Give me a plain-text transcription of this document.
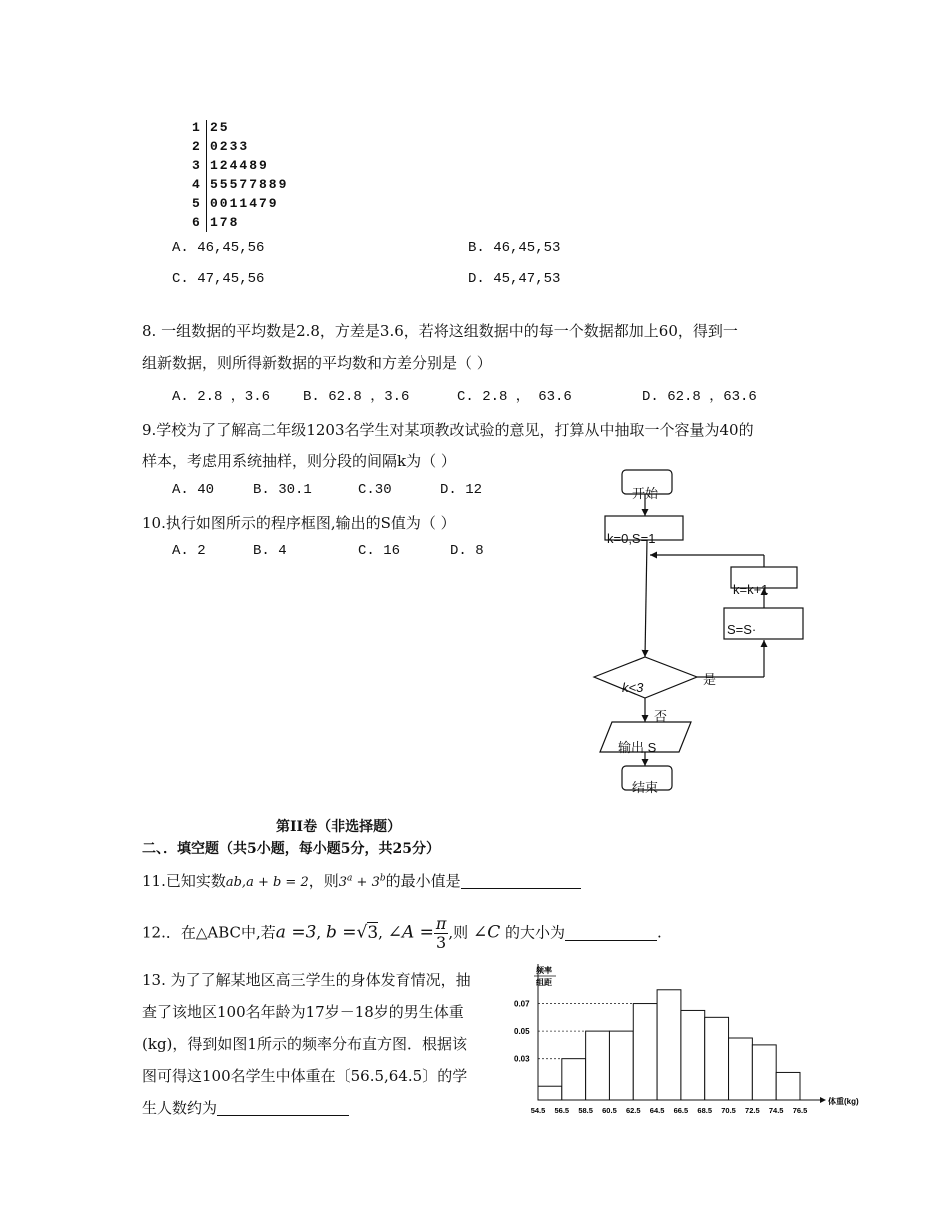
1 25
2 0233
3 124489
4 55577889
5 0011479
6 178
A. 46,45,56	B. 46,45,53
C. 47,45,56	D. 45,47,53
8. 一组数据的平均数是2.8，方差是3.6，若将这组数据中的每一个数据都加上60，得到一
组新数据，则所得新数据的平均数和方差分别是（ ）
A. 2.8 ，3.6 B. 62.8 ，3.6	C. 2.8 ， 63.6	D. 62.8 ，63.6
9.学校为了了解高二年级1203名学生对某项教改试验的意见，打算从中抽取一个容量为40的
样本，考虑用系统抽样，则分段的间隔k为（ ）
A. 40	B. 30.1	C.30	D. 12
10.执行如图所示的程序框图,输出的S值为（ ）
A. 2	B. 4	C. 16	D. 8
开始
k=0,S=1
k=k+1
S=S·
k<3
是
否
输出 S
结束
第II卷（非选择题）
二、．填空题（共5小题，每小题5分，共25分）
11.已知实数ab,a + b = 2，则$3^a + 3^b$的最小值是
12.．在△ABC中,若a =3, b =√3, ∠A = $\frac{\pi}{3}$ ,则 ∠C 的大小为	.
13. 为了了解某地区高三学生的身体发育情况，抽
查了该地区100名年龄为17岁－18岁的男生体重
(kg)，得到如图1所示的频率分布直方图．根据该
图可得这100名学生中体重在〔56.5,64.5〕的学
生人数约为
频率
组距
0.07
0.05
0.03
54.5 56.5 58.5 60.5 62.5 64.5 66.5 68.5 70.5 72.5 74.5 76.5
体重(kg)
